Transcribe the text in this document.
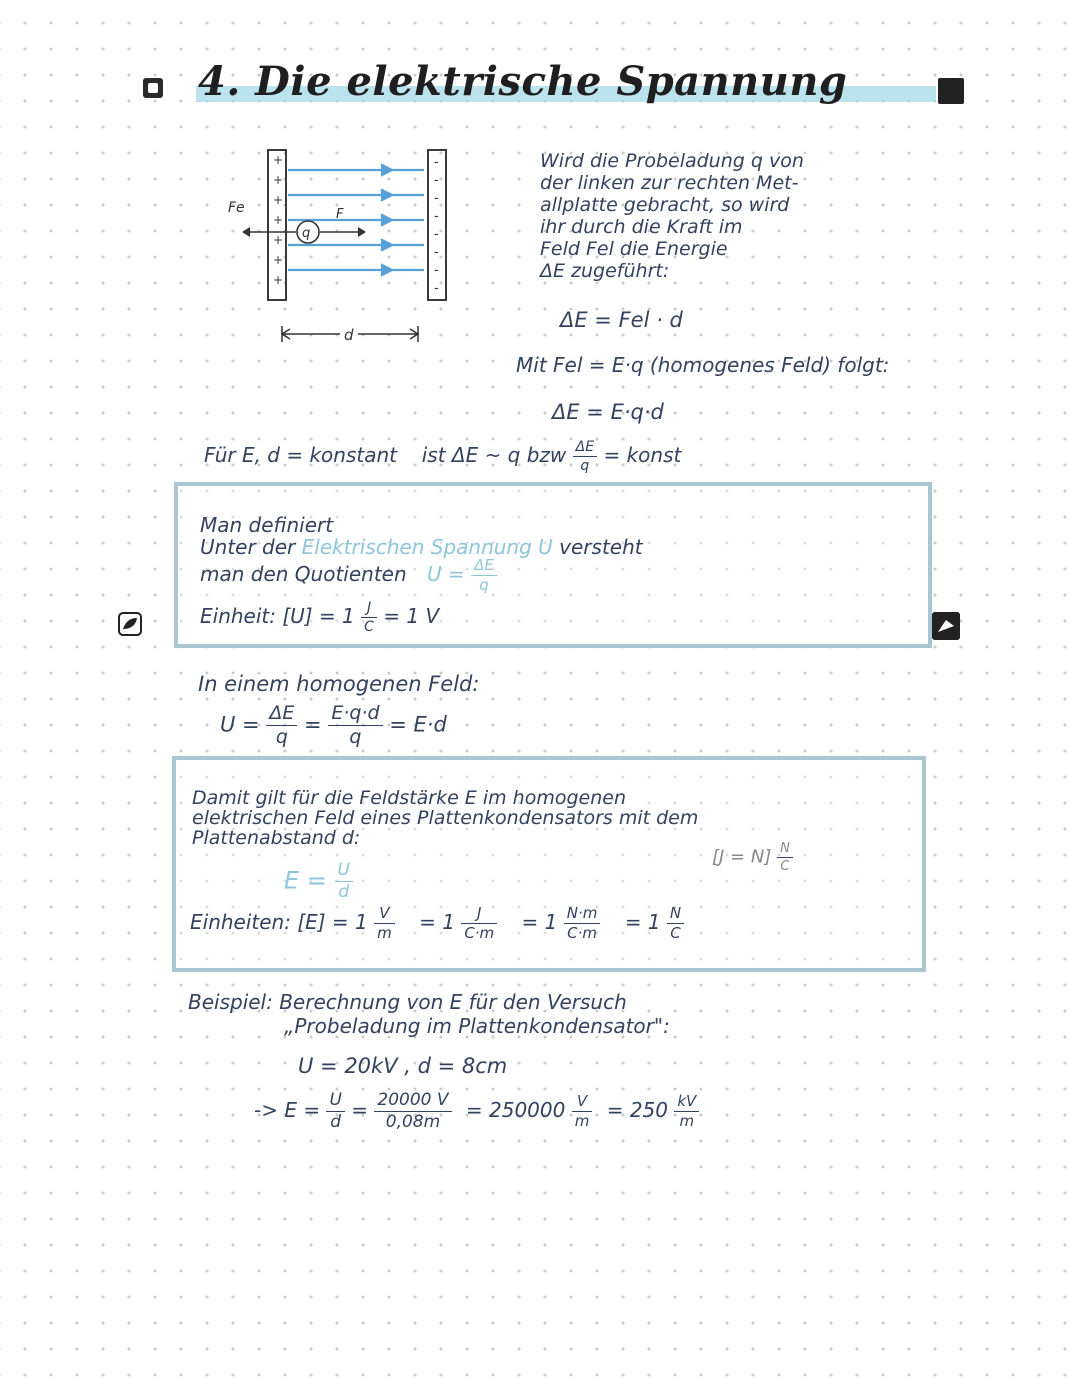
4. Die elektrische Spannung
+
+
+
+
+
+
+
-
-
-
-
-
-
-
-
q
Fe	F
d
Wird die Probeladung q von
der linken zur rechten Met-
allplatte gebracht, so wird
ihr durch die Kraft im
Feld Fel die Energie
ΔE zugeführt:
ΔE = Fel · d
Mit Fel = E·q (homogenes Feld) folgt:
ΔE = E·q·d
Für E, d = konstant ist ΔE ~ q bzw $\frac{\Delta E}{q}$ = konst
Man definiert
Unter der Elektrischen Spannung U versteht
man den Quotienten $U = \frac{\Delta E}{q}$
Einheit: $[U] = 1 \frac{J}{C} = 1$ V
In einem homogenen Feld:
$U = \frac{\Delta E}{q} = \frac{E\cdot q\cdot d}{q} = E\cdot d$
Damit gilt für die Feldstärke E im homogenen
elektrischen Feld eines Plattenkondensators mit dem
Plattenabstand d:
$[J = N] \frac{N}{C}$
$E = \frac{U}{d}$
Einheiten: $[E] = 1 \frac{V}{m} = 1 \frac{J}{C\cdot m} = 1 \frac{N\cdot m}{C\cdot m} = 1 \frac{N}{C}$
Beispiel: Berechnung von E für den Versuch
„Probeladung im Plattenkondensator":
U = 20kV , d = 8cm
-> $E = \frac{U}{d} = \frac{20000 V}{0,08m} = 250000 \frac{V}{m} = 250 \frac{kV}{m}$
